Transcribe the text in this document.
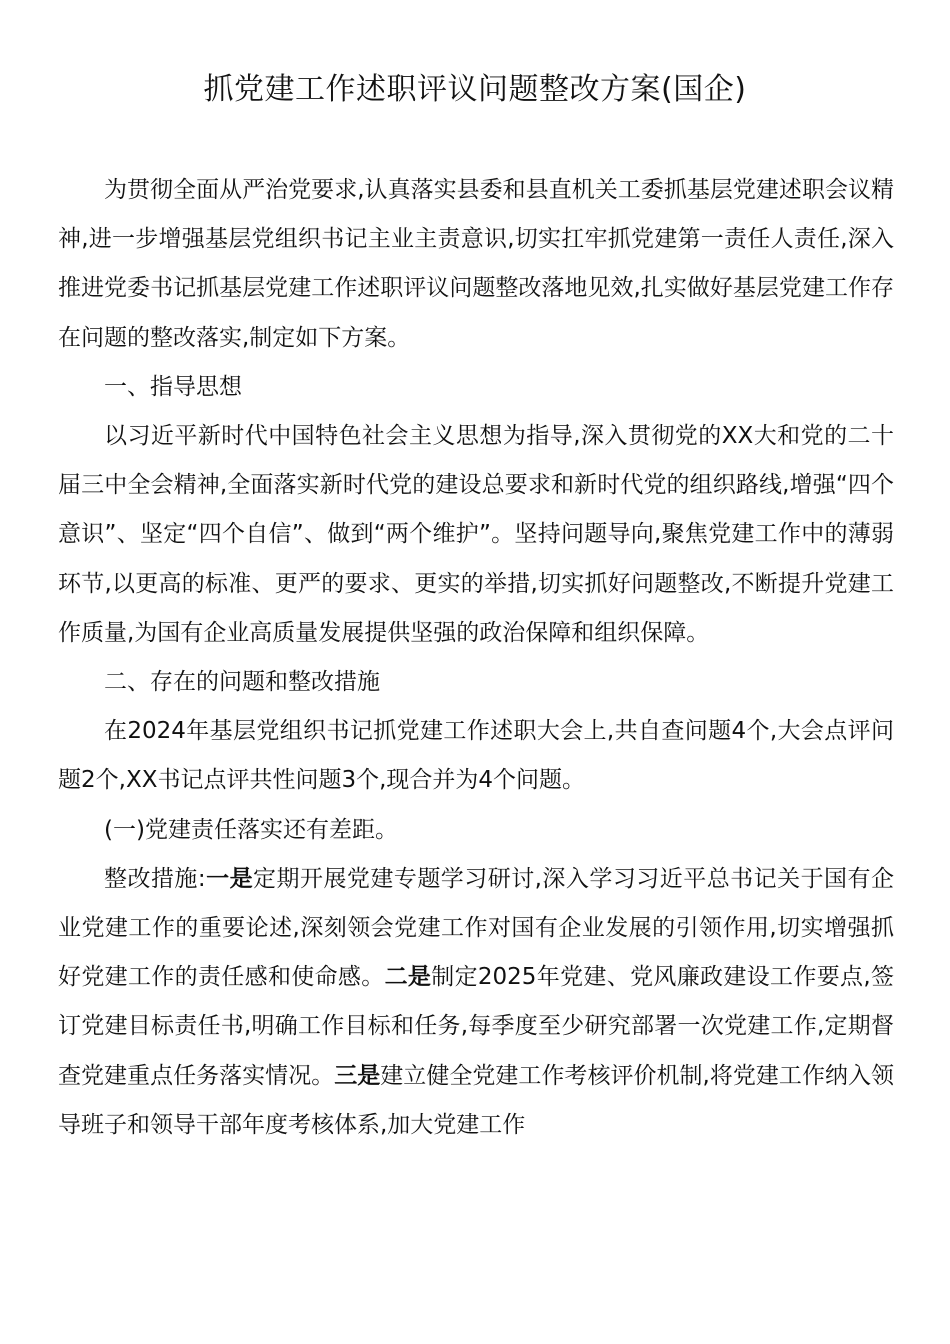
抓党建工作述职评议问题整改方案(国企)

为贯彻全面从严治党要求,认真落实县委和县直机关工委抓基层党建述职会议精神,进一步增强基层党组织书记主业主责意识,切实扛牢抓党建第一责任人责任,深入推进党委书记抓基层党建工作述职评议问题整改落地见效,扎实做好基层党建工作存在问题的整改落实,制定如下方案。

一、指导思想

以习近平新时代中国特色社会主义思想为指导,深入贯彻党的XX大和党的二十届三中全会精神,全面落实新时代党的建设总要求和新时代党的组织路线,增强“四个意识”、坚定“四个自信”、做到“两个维护”。坚持问题导向,聚焦党建工作中的薄弱环节,以更高的标准、更严的要求、更实的举措,切实抓好问题整改,不断提升党建工作质量,为国有企业高质量发展提供坚强的政治保障和组织保障。

二、存在的问题和整改措施

在2024年基层党组织书记抓党建工作述职大会上,共自查问题4个,大会点评问题2个,XX书记点评共性问题3个,现合并为4个问题。

(一)党建责任落实还有差距。

整改措施:一是定期开展党建专题学习研讨,深入学习习近平总书记关于国有企业党建工作的重要论述,深刻领会党建工作对国有企业发展的引领作用,切实增强抓好党建工作的责任感和使命感。二是制定2025年党建、党风廉政建设工作要点,签订党建目标责任书,明确工作目标和任务,每季度至少研究部署一次党建工作,定期督查党建重点任务落实情况。三是建立健全党建工作考核评价机制,将党建工作纳入领导班子和领导干部年度考核体系,加大党建工作
